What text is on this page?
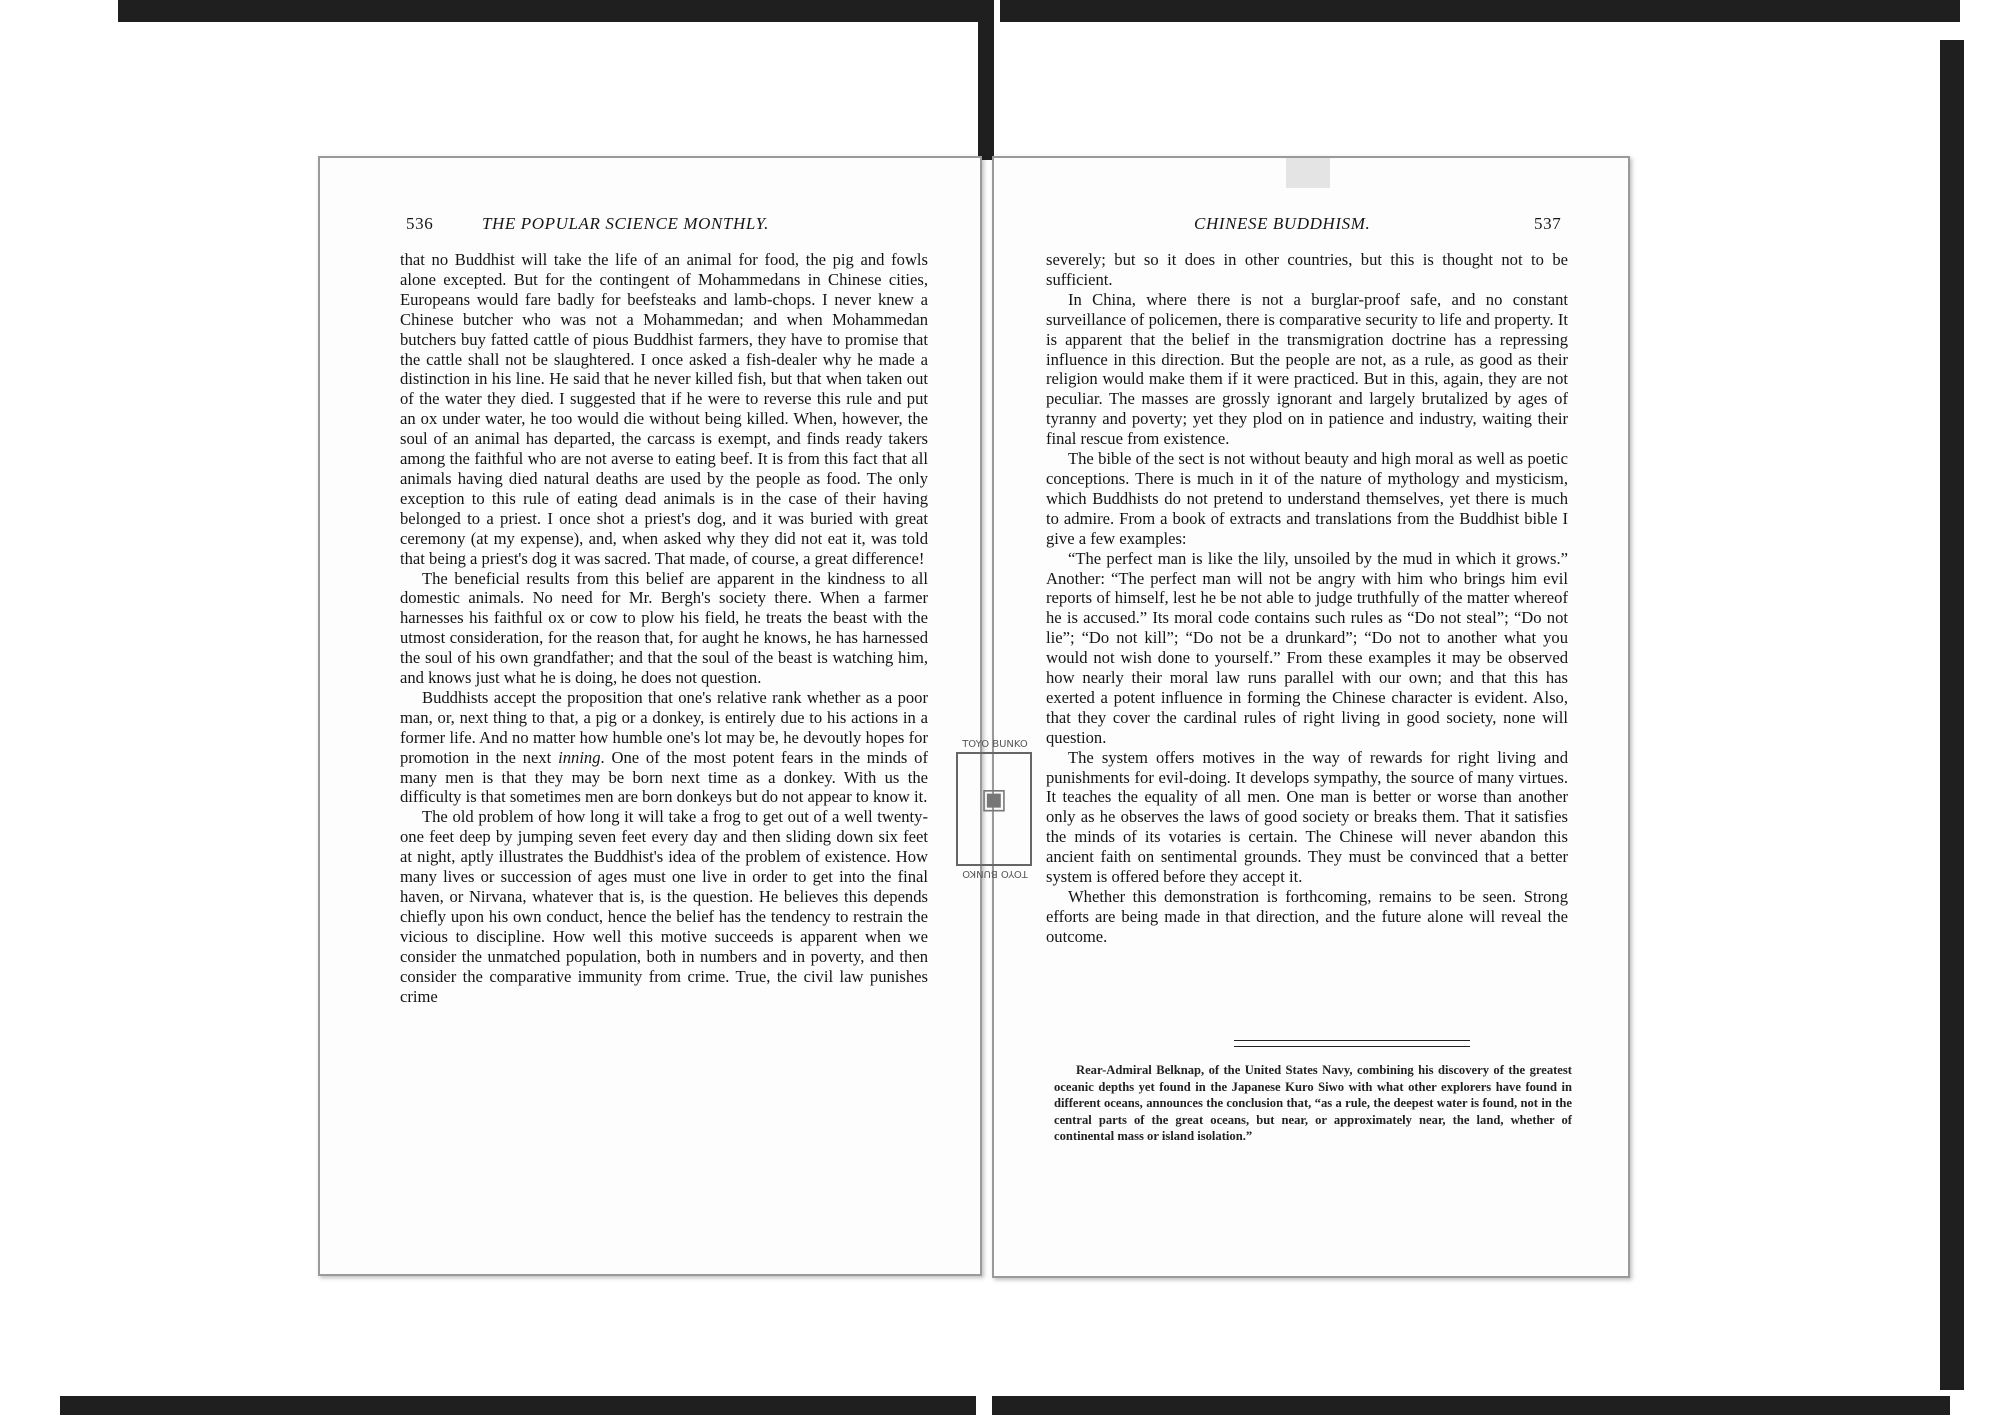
536	THE POPULAR SCIENCE MONTHLY.

that no Buddhist will take the life of an animal for food, the pig and fowls alone excepted. But for the contingent of Mohammedans in Chinese cities, Europeans would fare badly for beefsteaks and lamb-chops. I never knew a Chinese butcher who was not a Mohammedan; and when Mohammedan butchers buy fatted cattle of pious Buddhist farmers, they have to promise that the cattle shall not be slaughtered. I once asked a fish-dealer why he made a distinction in his line. He said that he never killed fish, but that when taken out of the water they died. I suggested that if he were to reverse this rule and put an ox under water, he too would die without being killed. When, however, the soul of an animal has departed, the carcass is exempt, and finds ready takers among the faithful who are not averse to eating beef. It is from this fact that all animals having died natural deaths are used by the people as food. The only exception to this rule of eating dead animals is in the case of their having belonged to a priest. I once shot a priest's dog, and it was buried with great ceremony (at my expense), and, when asked why they did not eat it, was told that being a priest's dog it was sacred. That made, of course, a great difference!

The beneficial results from this belief are apparent in the kindness to all domestic animals. No need for Mr. Bergh's society there. When a farmer harnesses his faithful ox or cow to plow his field, he treats the beast with the utmost consideration, for the reason that, for aught he knows, he has harnessed the soul of his own grandfather; and that the soul of the beast is watching him, and knows just what he is doing, he does not question.

Buddhists accept the proposition that one's relative rank whether as a poor man, or, next thing to that, a pig or a donkey, is entirely due to his actions in a former life. And no matter how humble one's lot may be, he devoutly hopes for promotion in the next inning. One of the most potent fears in the minds of many men is that they may be born next time as a donkey. With us the difficulty is that sometimes men are born donkeys but do not appear to know it.

The old problem of how long it will take a frog to get out of a well twenty-one feet deep by jumping seven feet every day and then sliding down six feet at night, aptly illustrates the Buddhist's idea of the problem of existence. How many lives or succession of ages must one live in order to get into the final haven, or Nirvana, whatever that is, is the question. He believes this depends chiefly upon his own conduct, hence the belief has the tendency to restrain the vicious to discipline. How well this motive succeeds is apparent when we consider the unmatched population, both in numbers and in poverty, and then consider the comparative immunity from crime. True, the civil law punishes crime

CHINESE BUDDHISM.	537

severely; but so it does in other countries, but this is thought not to be sufficient.

In China, where there is not a burglar-proof safe, and no constant surveillance of policemen, there is comparative security to life and property. It is apparent that the belief in the transmigration doctrine has a repressing influence in this direction. But the people are not, as a rule, as good as their religion would make them if it were practiced. But in this, again, they are not peculiar. The masses are grossly ignorant and largely brutalized by ages of tyranny and poverty; yet they plod on in patience and industry, waiting their final rescue from existence.

The bible of the sect is not without beauty and high moral as well as poetic conceptions. There is much in it of the nature of mythology and mysticism, which Buddhists do not pretend to understand themselves, yet there is much to admire. From a book of extracts and translations from the Buddhist bible I give a few examples:

“The perfect man is like the lily, unsoiled by the mud in which it grows.” Another: “The perfect man will not be angry with him who brings him evil reports of himself, lest he be not able to judge truthfully of the matter whereof he is accused.” Its moral code contains such rules as “Do not steal”; “Do not lie”; “Do not kill”; “Do not be a drunkard”; “Do not to another what you would not wish done to yourself.” From these examples it may be observed how nearly their moral law runs parallel with our own; and that this has exerted a potent influence in forming the Chinese character is evident. Also, that they cover the cardinal rules of right living in good society, none will question.

The system offers motives in the way of rewards for right living and punishments for evil-doing. It develops sympathy, the source of many virtues. It teaches the equality of all men. One man is better or worse than another only as he observes the laws of good society or breaks them. That it satisfies the minds of its votaries is certain. The Chinese will never abandon this ancient faith on sentimental grounds. They must be convinced that a better system is offered before they accept it.

Whether this demonstration is forthcoming, remains to be seen. Strong efforts are being made in that direction, and the future alone will reveal the outcome.

Rear-Admiral Belknap, of the United States Navy, combining his discovery of the greatest oceanic depths yet found in the Japanese Kuro Siwo with what other explorers have found in different oceans, announces the conclusion that, “as a rule, the deepest water is found, not in the central parts of the great oceans, but near, or approximately near, the land, whether of continental mass or island isolation.”

TOYO BUNKO
▣
TOYO BUNKO
